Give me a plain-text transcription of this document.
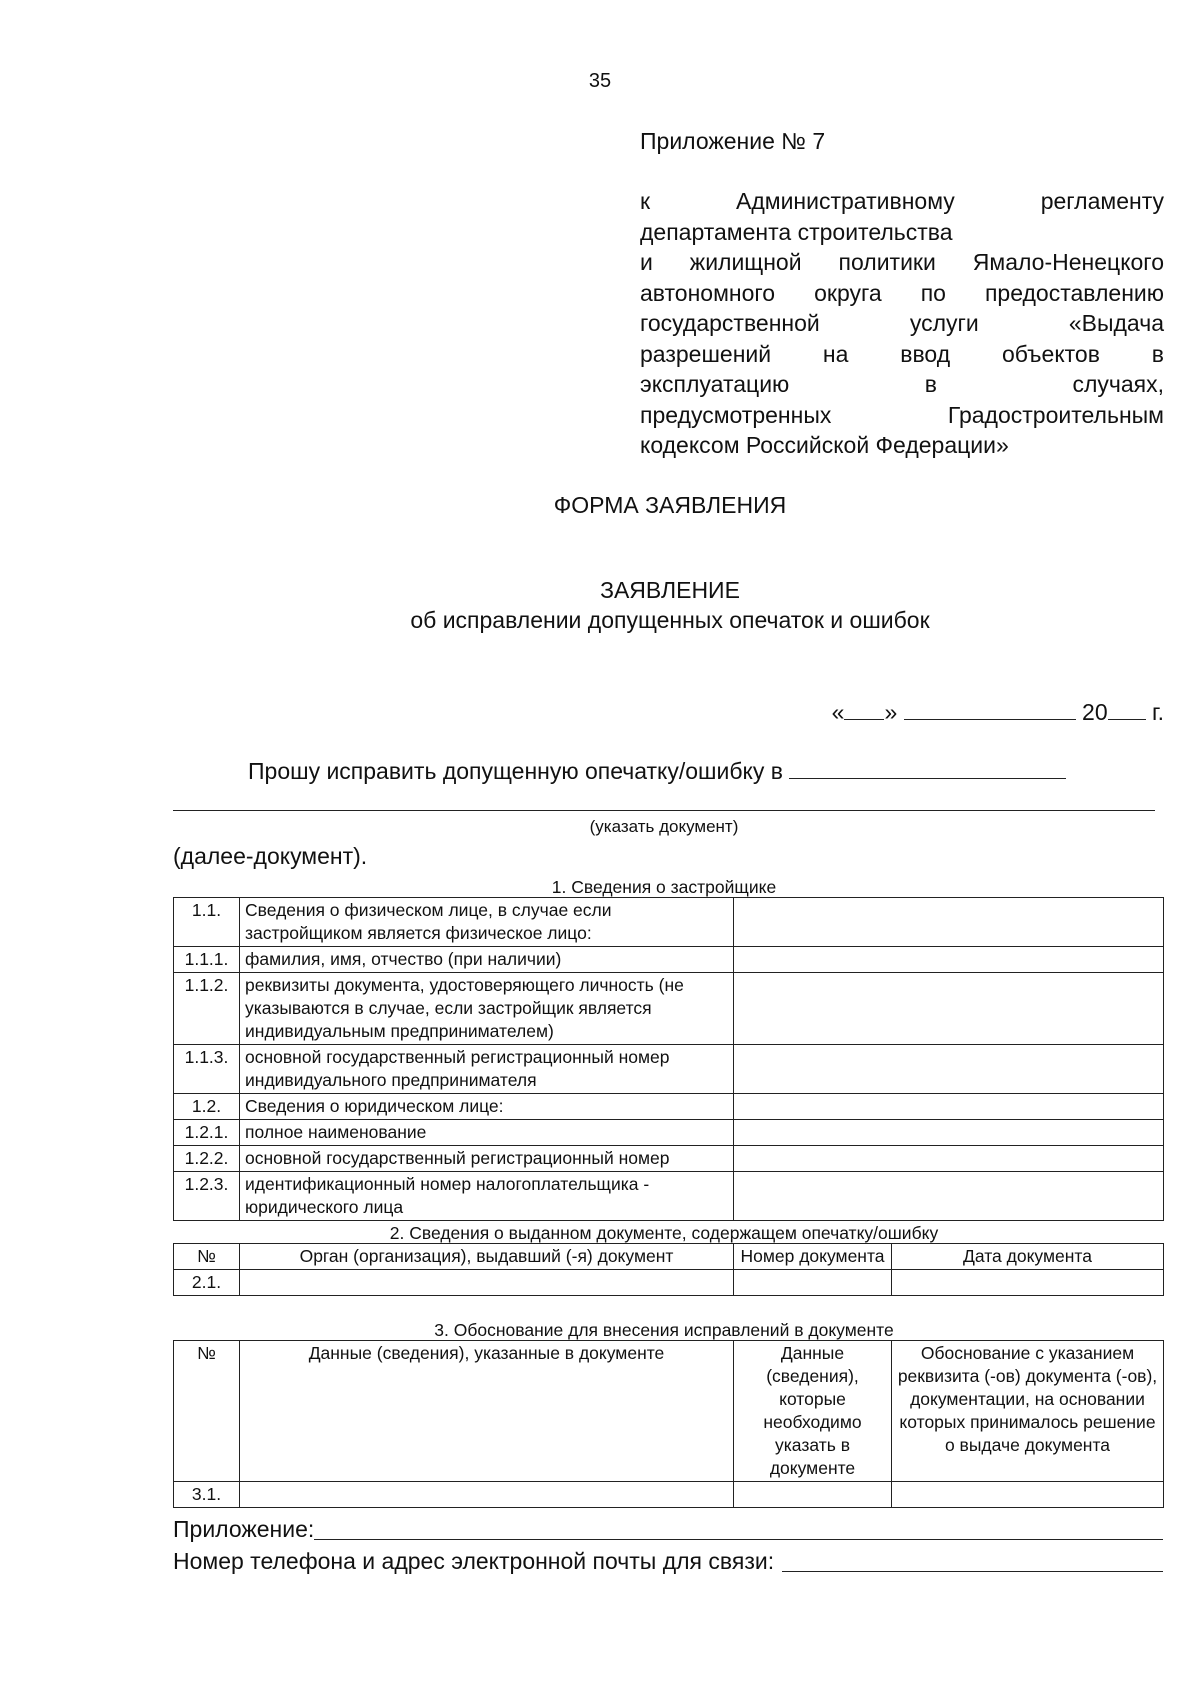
35
Приложение № 7
к Административному регламенту
департамента строительства
и жилищной политики Ямало-Ненецкого
автономного округа по предоставлению
государственной услуги «Выдача
разрешений на ввод объектов в
эксплуатацию в случаях,
предусмотренных Градостроительным
кодексом Российской Федерации»
ФОРМА ЗАЯВЛЕНИЯ
ЗАЯВЛЕНИЕ
об исправлении допущенных опечаток и ошибок
« »	20 г.
Прошу исправить допущенную опечатку/ошибку в
(указать документ)
(далее-документ).
1. Сведения о застройщике
1.1.	Сведения о физическом лице, в случае если застройщиком является физическое лицо:	
1.1.1.	фамилия, имя, отчество (при наличии)	
1.1.2.	реквизиты документа, удостоверяющего личность (не указываются в случае, если застройщик является индивидуальным предпринимателем)	
1.1.3.	основной государственный регистрационный номер индивидуального предпринимателя	
1.2.	Сведения о юридическом лице:	
1.2.1.	полное наименование	
1.2.2.	основной государственный регистрационный номер	
1.2.3.	идентификационный номер налогоплательщика - юридического лица	
2. Сведения о выданном документе, содержащем опечатку/ошибку
№	Орган (организация), выдавший (-я) документ	Номер документа	Дата документа
2.1.			
3. Обоснование для внесения исправлений в документе
№	Данные (сведения), указанные в документе	Данные (сведения), которые необходимо указать в документе	Обоснование с указанием реквизита (-ов) документа (-ов), документации, на основании которых принималось решение о выдаче документа
3.1.			
Приложение:
Номер телефона и адрес электронной почты для связи:
